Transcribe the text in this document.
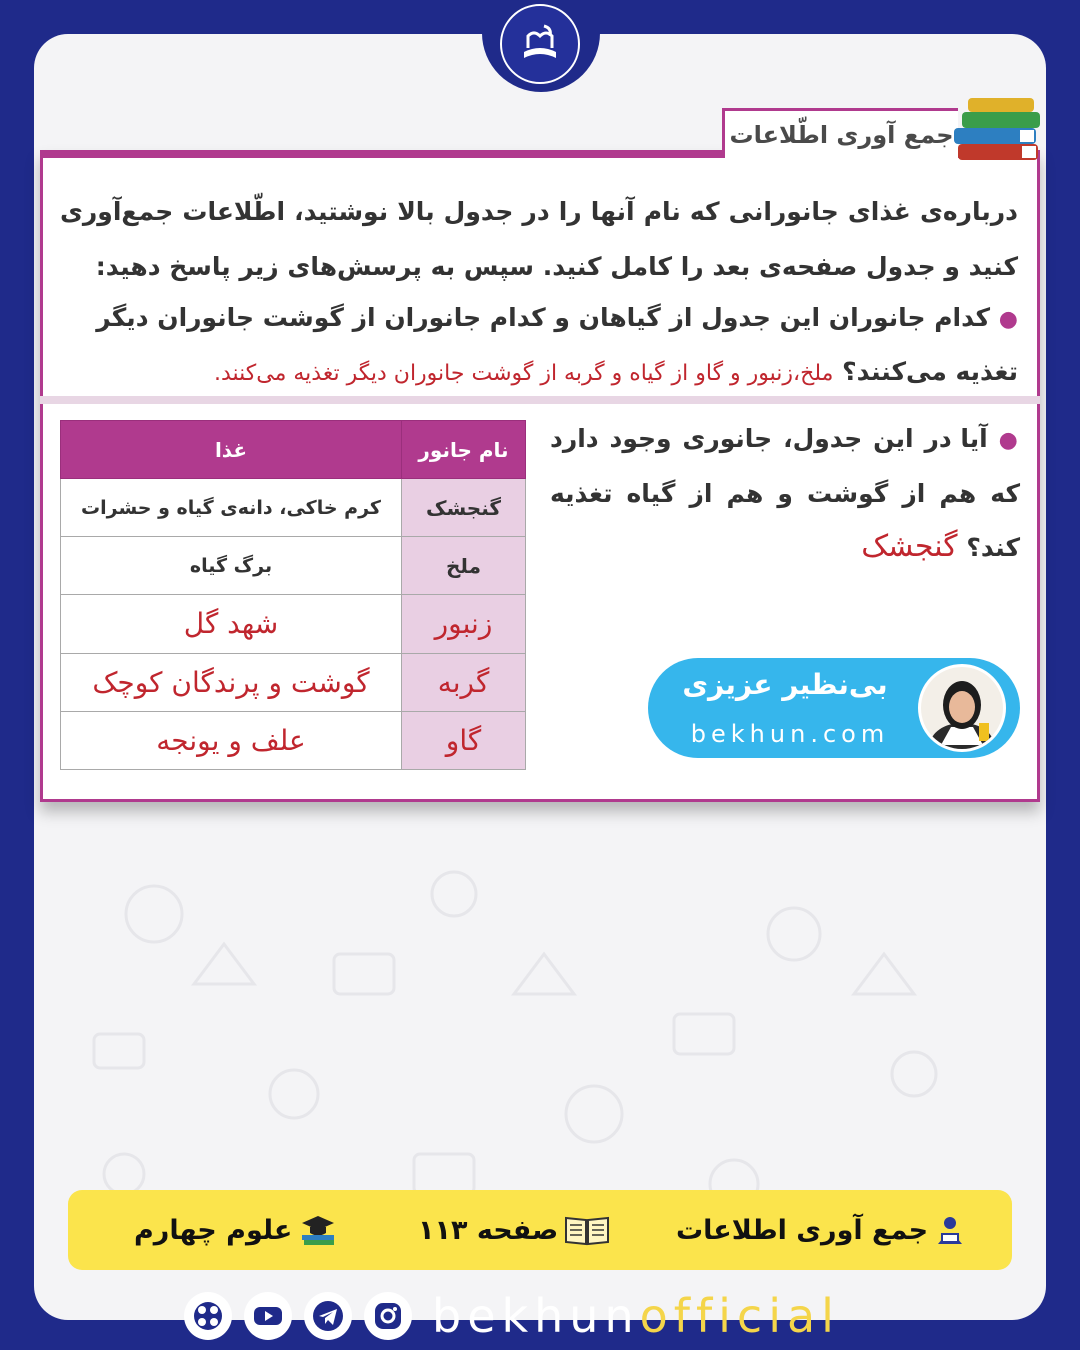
جمع آوری اطّلاعات

درباره‌ی غذای جانورانی که نام آنها را در جدول بالا نوشتید، اطّلاعات جمع‌آوری کنید و جدول صفحه‌ی بعد را کامل کنید. سپس به پرسش‌های زیر پاسخ دهید:

● کدام جانوران این جدول از گیاهان و کدام جانوران از گوشت جانوران دیگر تغذیه می‌کنند؟ ملخ،زنبور و گاو از گیاه و گربه از گوشت جانوران دیگر تغذیه می‌کنند.

نام جانور	غذا
گنجشک	کرم خاکی، دانه‌ی گیاه و حشرات
ملخ	برگ گیاه
زنبور	شهد گل
گربه	گوشت و پرندگان کوچک
گاو	علف و یونجه

● آیا در این جدول، جانوری وجود دارد که هم از گوشت و هم از گیاه تغذیه کند؟ گنجشک

بی‌نظیر عزیزی
bekhun.com
جمع آوری اطلاعات
صفحه ۱۱۳
علوم چهارم
bekhunofficial
